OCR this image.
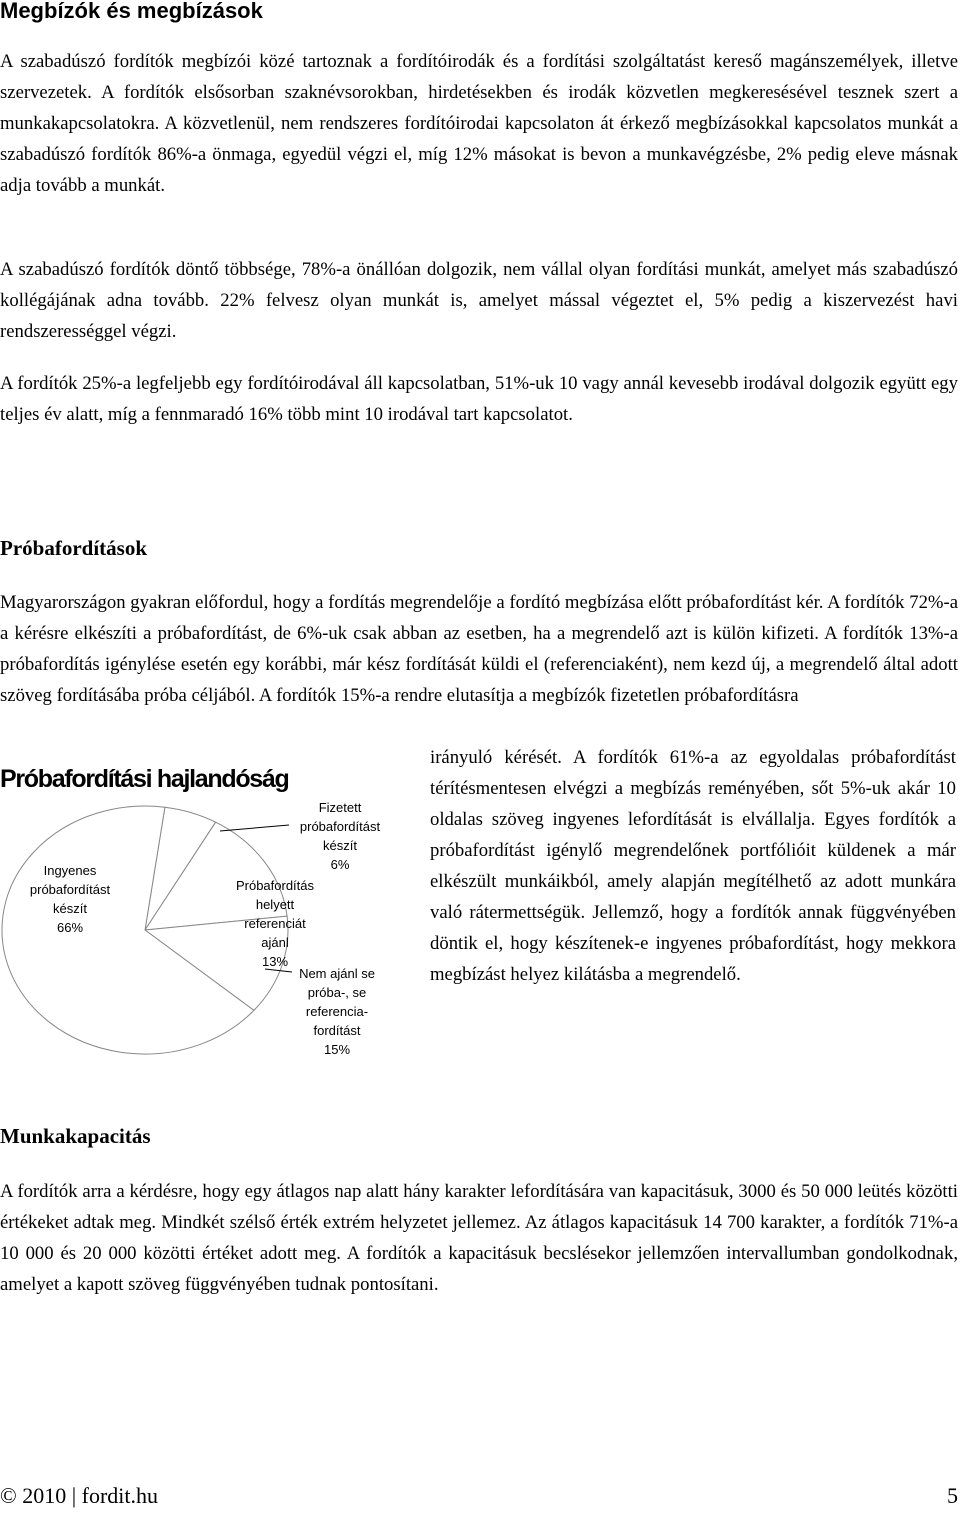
Megbízók és megbízások

A szabadúszó fordítók megbízói közé tartoznak a fordítóirodák és a fordítási szolgáltatást kereső magánszemélyek, illetve szervezetek. A fordítók elsősorban szaknévsorokban, hirdetésekben és irodák közvetlen megkeresésével tesznek szert a munkakapcsolatokra. A közvetlenül, nem rendszeres fordítóirodai kapcsolaton át érkező megbízásokkal kapcsolatos munkát a szabadúszó fordítók 86%-a önmaga, egyedül végzi el, míg 12% másokat is bevon a munkavégzésbe, 2% pedig eleve másnak adja tovább a munkát.

A szabadúszó fordítók döntő többsége, 78%-a önállóan dolgozik, nem vállal olyan fordítási munkát, amelyet más szabadúszó kollégájának adna tovább. 22% felvesz olyan munkát is, amelyet mással végeztet el, 5% pedig a kiszervezést havi rendszerességgel végzi.

A fordítók 25%-a legfeljebb egy fordítóirodával áll kapcsolatban, 51%-uk 10 vagy annál kevesebb irodával dolgozik együtt egy teljes év alatt, míg a fennmaradó 16% több mint 10 irodával tart kapcsolatot.

Próbafordítások

Magyarországon gyakran előfordul, hogy a fordítás megrendelője a fordító megbízása előtt próbafordítást kér. A fordítók 72%-a a kérésre elkészíti a próbafordítást, de 6%-uk csak abban az esetben, ha a megrendelő azt is külön kifizeti. A fordítók 13%-a próbafordítás igénylése esetén egy korábbi, már kész fordítását küldi el (referenciaként), nem kezd új, a megrendelő által adott szöveg fordításába próba céljából. A fordítók 15%-a rendre elutasítja a megbízók fizetetlen próbafordításra

irányuló kérését. A fordítók 61%-a az egyoldalas próbafordítást térítésmentesen elvégzi a megbízás reményében, sőt 5%-uk akár 10 oldalas szöveg ingyenes lefordítását is elvállalja. Egyes fordítók a próbafordítást igénylő megrendelőnek portfólióit küldenek a már elkészült munkáikból, amely alapján megítélhető az adott munkára való rátermettségük. Jellemző, hogy a fordítók annak függvényében döntik el, hogy készítenek-e ingyenes próbafordítást, hogy mekkora megbízást helyez kilátásba a megrendelő.

Próbafordítási hajlandóság
Ingyenes próbafordítást készít 66%
Fizetett próbafordítást készít 6%
Próbafordítás helyett referenciát ajánl 13%
Nem ajánl se próba-, se referencia-fordítást 15%
Munkakapacitás

A fordítók arra a kérdésre, hogy egy átlagos nap alatt hány karakter lefordítására van kapacitásuk, 3000 és 50 000 leütés közötti értékeket adtak meg. Mindkét szélső érték extrém helyzetet jellemez. Az átlagos kapacitásuk 14 700 karakter, a fordítók 71%-a 10 000 és 20 000 közötti értéket adott meg. A fordítók a kapacitásuk becslésekor jellemzően intervallumban gondolkodnak, amelyet a kapott szöveg függvényében tudnak pontosítani.

© 2010 | fordit.hu	5
